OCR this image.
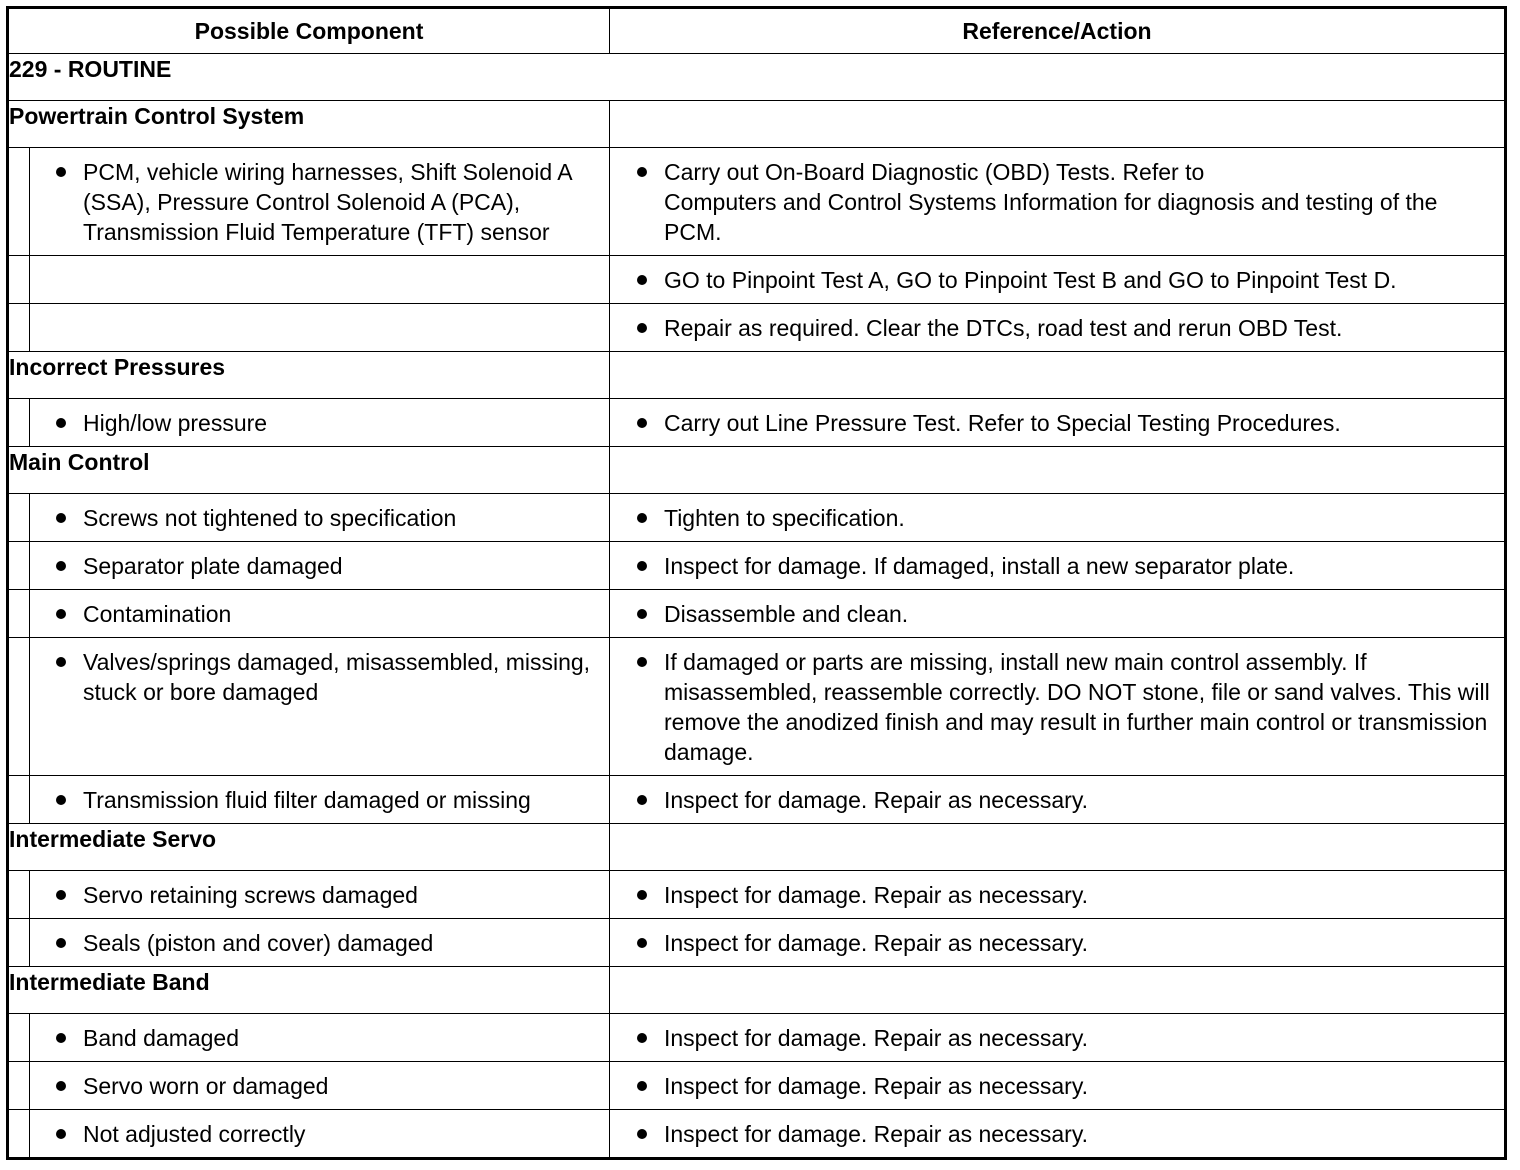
Possible Component		Reference/Action
229 - ROUTINE		
Powertrain Control System		

	PCM, vehicle wiring harnesses, Shift Solenoid A (SSA), Pressure Control Solenoid A (PCA), Transmission Fluid Temperature (TFT) sensor	Carry out On-Board Diagnostic (OBD) Tests. Refer to
Computers and Control Systems Information for diagnosis and testing of the PCM.

		GO to Pinpoint Test A, GO to Pinpoint Test B and GO to Pinpoint Test D.

		Repair as required. Clear the DTCs, road test and rerun OBD Test.

Incorrect Pressures		

	High/low pressure	Carry out Line Pressure Test. Refer to Special Testing Procedures.

Main Control		

	Screws not tightened to specification	Tighten to specification.

	Separator plate damaged	Inspect for damage. If damaged, install a new separator plate.

	Contamination	Disassemble and clean.

	Valves/springs damaged, misassembled, missing, stuck or bore damaged	If damaged or parts are missing, install new main control assembly. If misassembled, reassemble correctly. DO NOT stone, file or sand valves. This will remove the anodized finish and may result in further main control or transmission damage.

	Transmission fluid filter damaged or missing	Inspect for damage. Repair as necessary.

Intermediate Servo		

	Servo retaining screws damaged	Inspect for damage. Repair as necessary.

	Seals (piston and cover) damaged	Inspect for damage. Repair as necessary.

Intermediate Band		

	Band damaged	Inspect for damage. Repair as necessary.

	Servo worn or damaged	Inspect for damage. Repair as necessary.

	Not adjusted correctly	Inspect for damage. Repair as necessary.
